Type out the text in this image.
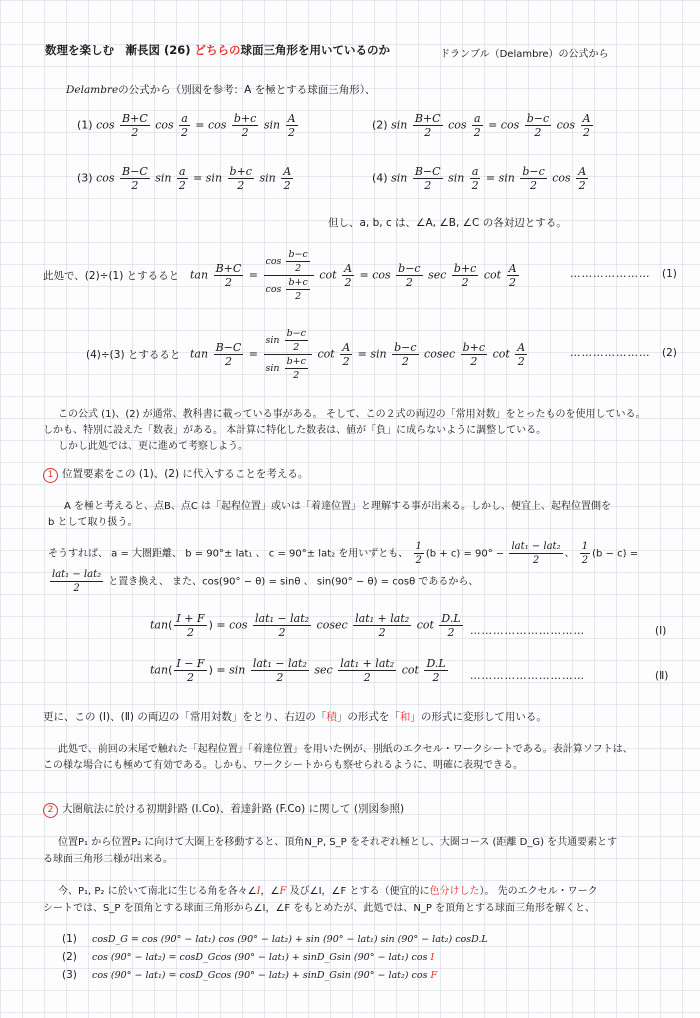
数理を楽しむ　漸長図 (26) どちらの球面三角形を用いているのか	ドランブル（Delambre）の公式から
Delambreの公式から（別図を参考：A を極とする球面三角形）、
(1) $\cos \frac{B+C}{2}$ $\cos \frac{a}{2} = \cos \frac{b+c}{2}$ $\sin \frac{A}{2}$	(2) $\sin \frac{B+C}{2}$ $\cos \frac{a}{2} = \cos \frac{b-c}{2}$ $\cos \frac{A}{2}$
(3) $\cos \frac{B-C}{2}$ $\sin \frac{a}{2} = \sin \frac{b+c}{2}$ $\sin \frac{A}{2}$	(4) $\sin \frac{B-C}{2}$ $\sin \frac{a}{2} = \sin \frac{b-c}{2}$ $\cos \frac{A}{2}$
但し、a, b, c は、∠A, ∠B, ∠C の各対辺とする。
此処で、(2)÷(1) とするると $\tan \frac{B+C}{2} = \frac{\cos \frac{b-c}{2}}{\cos \frac{b+c}{2}}$ $\cot \frac{A}{2} = \cos \frac{b-c}{2}$ $\sec \frac{b+c}{2}$ $\cot \frac{A}{2}$	………………… (1)
(4)÷(3) とするると $\tan \frac{B-C}{2} = \frac{\sin \frac{b-c}{2}}{\sin \frac{b+c}{2}}$ $\cot \frac{A}{2} = \sin \frac{b-c}{2}$ cosec $\frac{b+c}{2}$ $\cot \frac{A}{2}$	………………… (2)
この公式 (1)、(2) が通常、教科書に載っている事がある。 そして、この２式の両辺の「常用対数」をとったものを使用している。
しかも、特別に設えた「数表」がある。 本計算に特化した数表は、値が「負」に成らないように調整している。
しかし此処では、更に進めて考察しよう。
1 位置要素をこの (1)、(2) に代入することを考える。
A を極と考えると、点B、点C は「起程位置」或いは「着達位置」と理解する事が出来る。しかし、便宜上、起程位置側を
b として取り扱う。
そうすれば、 a = 大圏距離、 b = 90°± lat₁ 、 c = 90°± lat₂ を用いずとも、 $\frac{1}{2} (b + c) = 90^\circ - \frac{\text{lat₁ − lat₂}}{2}$ 、 $\frac{1}{2} (b - c)$ =
$\frac{\text{lat₁ − lat₂}}{2}$ と置き換え、 また、cos(90° − θ) = sinθ 、 sin(90° − θ) = cosθ であるから、
$\tan( \frac{I + F}{2}$ ) = $\cos \frac{\text{lat₁ − lat₂}}{2}$ cosec $\frac{\text{lat₁ + lat₂}}{2}$ $\cot \frac{D.L}{2}$ …………………………	(Ⅰ)
$\tan( \frac{I - F}{2}$ ) = $\sin \frac{\text{lat₁ − lat₂}}{2}$ $\sec \frac{\text{lat₁ + lat₂}}{2}$ $\cot \frac{D.L}{2}$ …………………………	(Ⅱ)
更に、この (Ⅰ)、(Ⅱ) の両辺の「常用対数」をとり、右辺の「積」の形式を「和」の形式に変形して用いる。
此処で、前回の末尾で触れた「起程位置」「着達位置」を用いた例が、別紙のエクセル・ワークシートである。表計算ソフトは、
この様な場合にも極めて有効である。しかも、ワークシートからも察せられるように、明確に表現できる。
2 大圏航法に於ける初期針路 (I.Co)、着達針路 (F.Co) に関して (別図参照)
位置P₁ から位置P₂ に向けて大圏上を移動すると、頂角N_P, S_P をそれぞれ極とし、大圏コース (距離 D_G) を共通要素とす
る球面三角形二様が出来る。
今、P₁, P₂ に於いて南北に生じる角を各々∠I，∠F 及び∠I，∠F とする（便宜的に色分けした）。 先のエクセル・ワーク
シートでは、S_P を頂角とする球面三角形から∠I，∠F をもとめたが、此処では、N_P を頂角とする球面三角形を解くと、
(1) cosD_G = cos (90° − lat₁) cos (90° − lat₂) + sin (90° − lat₁) sin (90° − lat₂) cosD.L
(2) cos (90° − lat₂) = cosD_Gcos (90° − lat₁) + sinD_Gsin (90° − lat₁) cos I
(3) cos (90° − lat₁) = cosD_Gcos (90° − lat₂) + sinD_Gsin (90° − lat₂) cos F
